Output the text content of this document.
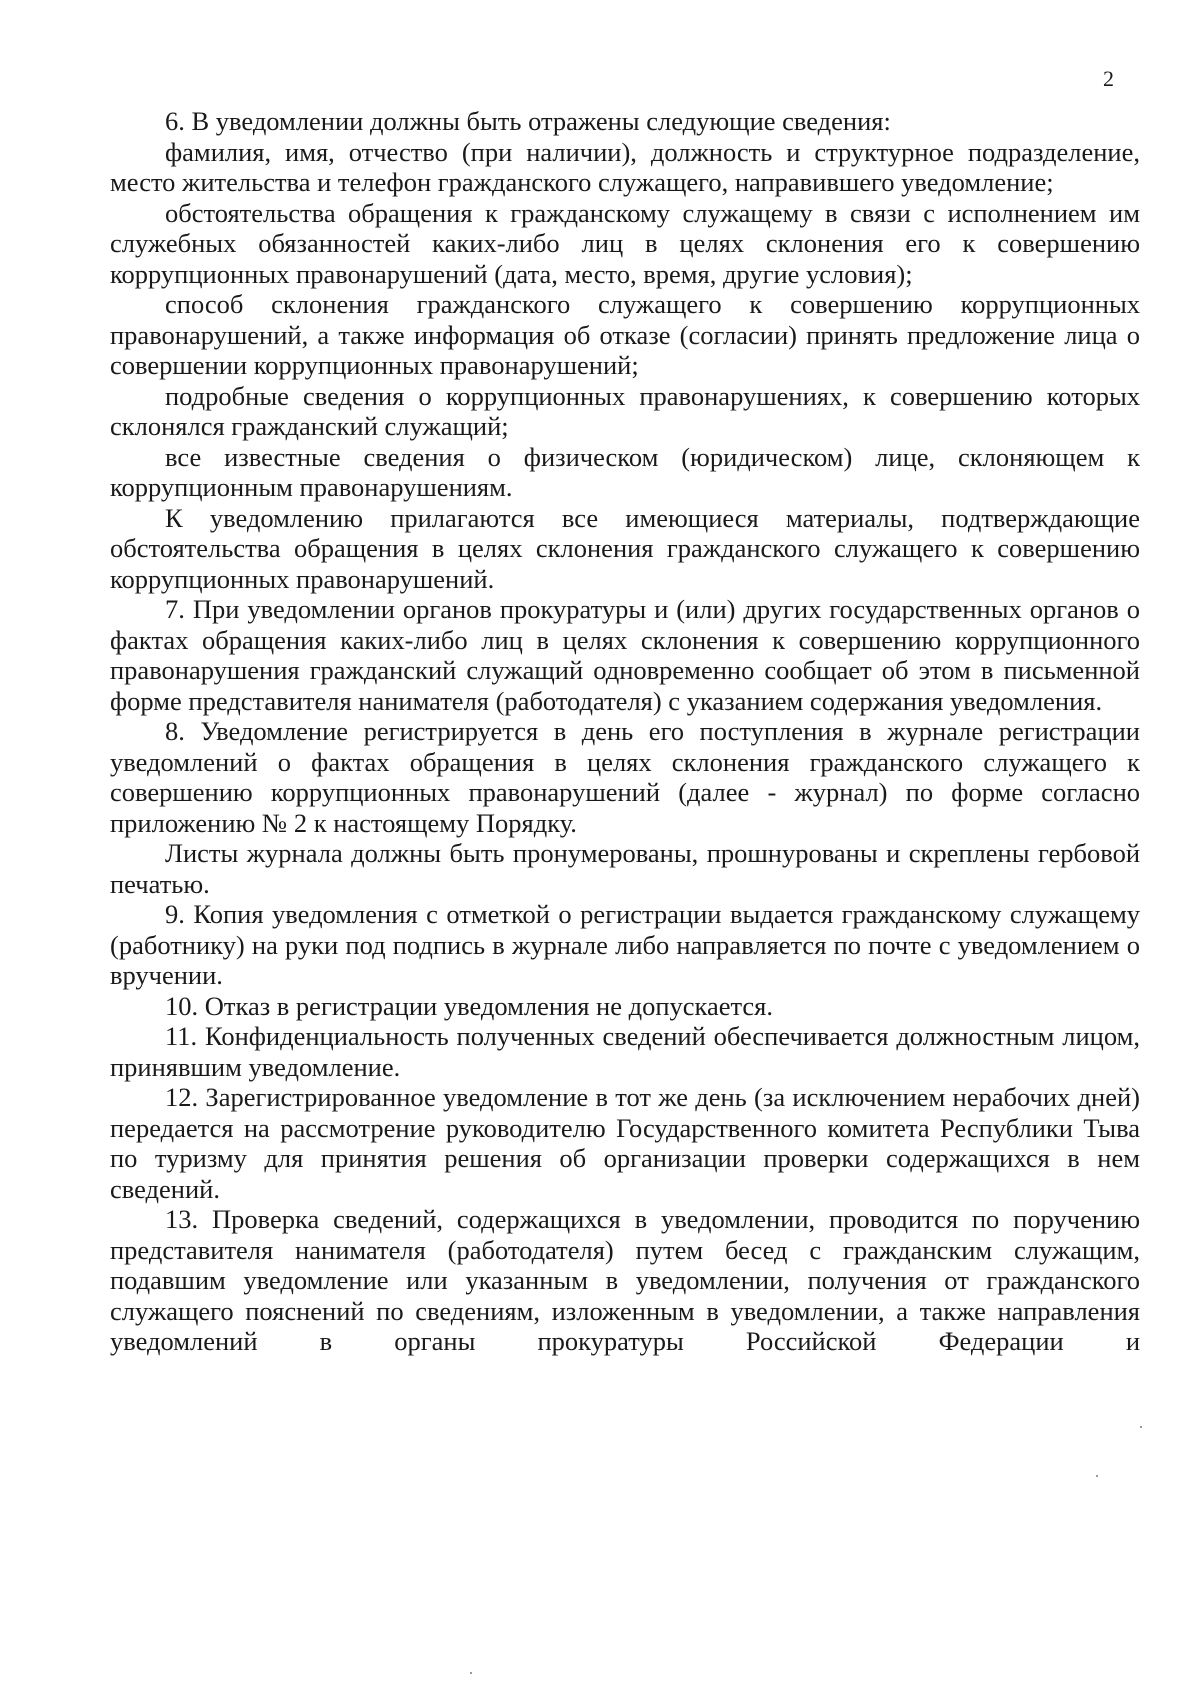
2

6. В уведомлении должны быть отражены следующие сведения:

фамилия, имя, отчество (при наличии), должность и структурное подразделение, место жительства и телефон гражданского служащего, направившего уведомление;

обстоятельства обращения к гражданскому служащему в связи с исполнением им служебных обязанностей каких-либо лиц в целях склонения его к совершению коррупционных правонарушений (дата, место, время, другие условия);

способ склонения гражданского служащего к совершению коррупционных правонарушений, а также информация об отказе (согласии) принять предложение лица о совершении коррупционных правонарушений;

подробные сведения о коррупционных правонарушениях, к совершению которых склонялся гражданский служащий;

все известные сведения о физическом (юридическом) лице, склоняющем к коррупционным правонарушениям.

К уведомлению прилагаются все имеющиеся материалы, подтверждающие обстоятельства обращения в целях склонения гражданского служащего к совершению коррупционных правонарушений.

7. При уведомлении органов прокуратуры и (или) других государственных органов о фактах обращения каких-либо лиц в целях склонения к совершению коррупционного правонарушения гражданский служащий одновременно сообщает об этом в письменной форме представителя нанимателя (работодателя) с указанием содержания уведомления.

8. Уведомление регистрируется в день его поступления в журнале регистрации уведомлений о фактах обращения в целях склонения гражданского служащего к совершению коррупционных правонарушений (далее - журнал) по форме согласно приложению № 2 к настоящему Порядку.

Листы журнала должны быть пронумерованы, прошнурованы и скреплены гербовой печатью.

9. Копия уведомления с отметкой о регистрации выдается гражданскому служащему (работнику) на руки под подпись в журнале либо направляется по почте с уведомлением о вручении.

10. Отказ в регистрации уведомления не допускается.

11. Конфиденциальность полученных сведений обеспечивается должностным лицом, принявшим уведомление.

12. Зарегистрированное уведомление в тот же день (за исключением нерабочих дней) передается на рассмотрение руководителю Государственного комитета Республики Тыва по туризму для принятия решения об организации проверки содержащихся в нем сведений.

13. Проверка сведений, содержащихся в уведомлении, проводится по поручению представителя нанимателя (работодателя) путем бесед с гражданским служащим, подавшим уведомление или указанным в уведомлении, получения от гражданского служащего пояснений по сведениям, изложенным в уведомлении, а также направления уведомлений в органы прокуратуры Российской Федерации и
